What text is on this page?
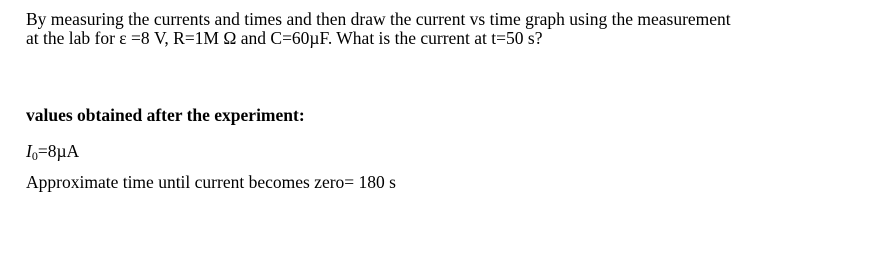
By measuring the currents and times and then draw the current vs time graph using the measurement
at the lab for ε =8 V, R=1M Ω and C=60µF. What is the current at t=50 s?

values obtained after the experiment:

$I_0=8\mu A$

Approximate time until current becomes zero= 180 s
